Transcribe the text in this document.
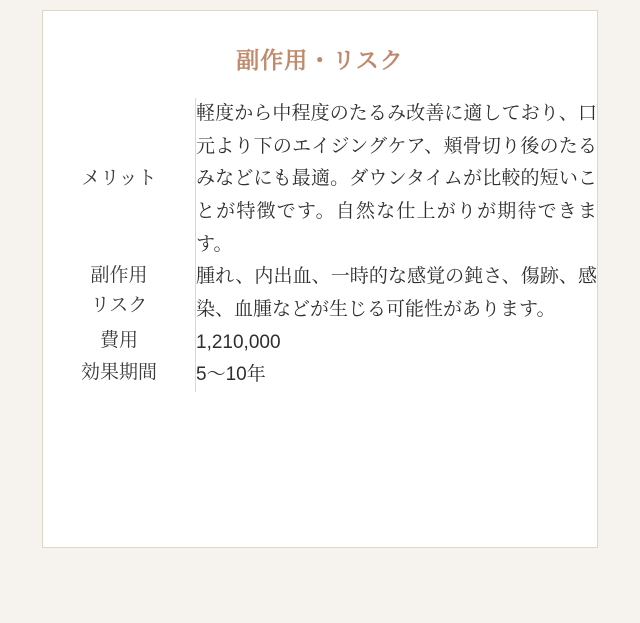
副作用・リスク
メリット	軽度から中程度のたるみ改善に適しており、口元より下のエイジングケア、頬骨切り後のたるみなどにも最適。ダウンタイムが比較的短いことが特徴です。自然な仕上がりが期待できます。

副作用
リスク	腫れ、内出血、一時的な感覚の鈍さ、傷跡、感染、血腫などが生じる可能性があります。
費用	1,210,000
効果期間	5〜10年
